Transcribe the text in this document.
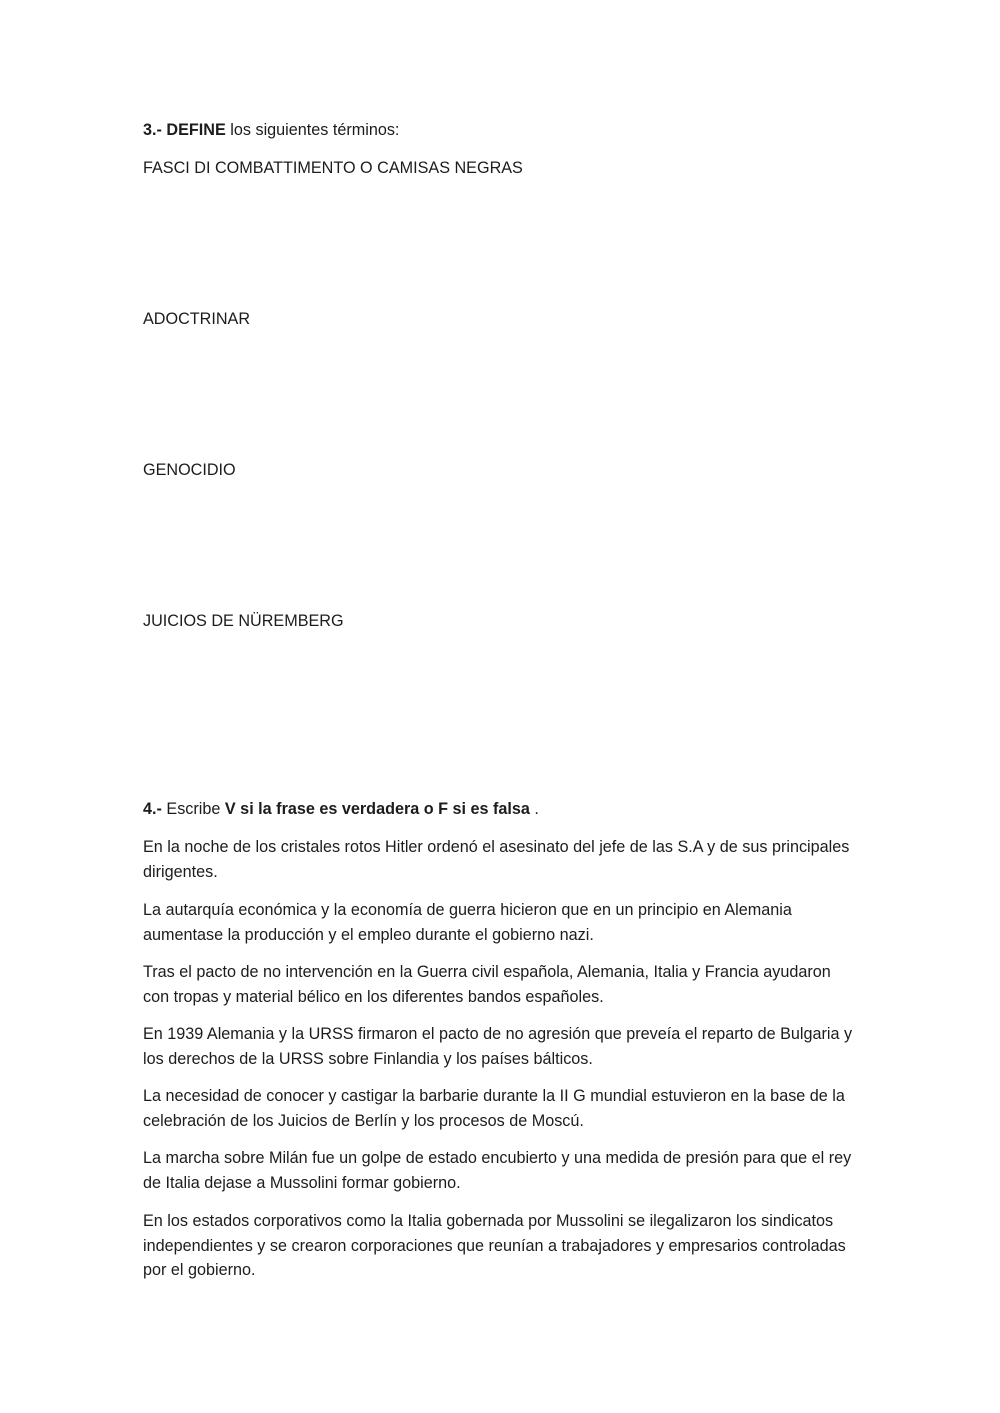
3.- DEFINE los siguientes términos:

FASCI DI COMBATTIMENTO O CAMISAS NEGRAS

ADOCTRINAR

GENOCIDIO

JUICIOS DE NÜREMBERG

4.- Escribe V si la frase es verdadera o F si es falsa .

En la noche de los cristales rotos Hitler ordenó el asesinato del jefe de las S.A y de sus principales dirigentes.

La autarquía económica y la economía de guerra hicieron que en un principio en Alemania aumentase la producción y el empleo durante el gobierno nazi.

Tras el pacto de no intervención en la Guerra civil española, Alemania, Italia y Francia ayudaron con tropas y material bélico en los diferentes bandos españoles.

En 1939 Alemania y la URSS firmaron el pacto de no agresión que preveía el reparto de Bulgaria y los derechos de la URSS sobre Finlandia y los países bálticos.

La necesidad de conocer y castigar la barbarie durante la II G mundial estuvieron en la base de la celebración de los Juicios de Berlín y los procesos de Moscú.

La marcha sobre Milán fue un golpe de estado encubierto y una medida de presión para que el rey de Italia dejase a Mussolini formar gobierno.

En los estados corporativos como la Italia gobernada por Mussolini se ilegalizaron los sindicatos independientes y se crearon corporaciones que reunían a trabajadores y empresarios controladas por el gobierno.
